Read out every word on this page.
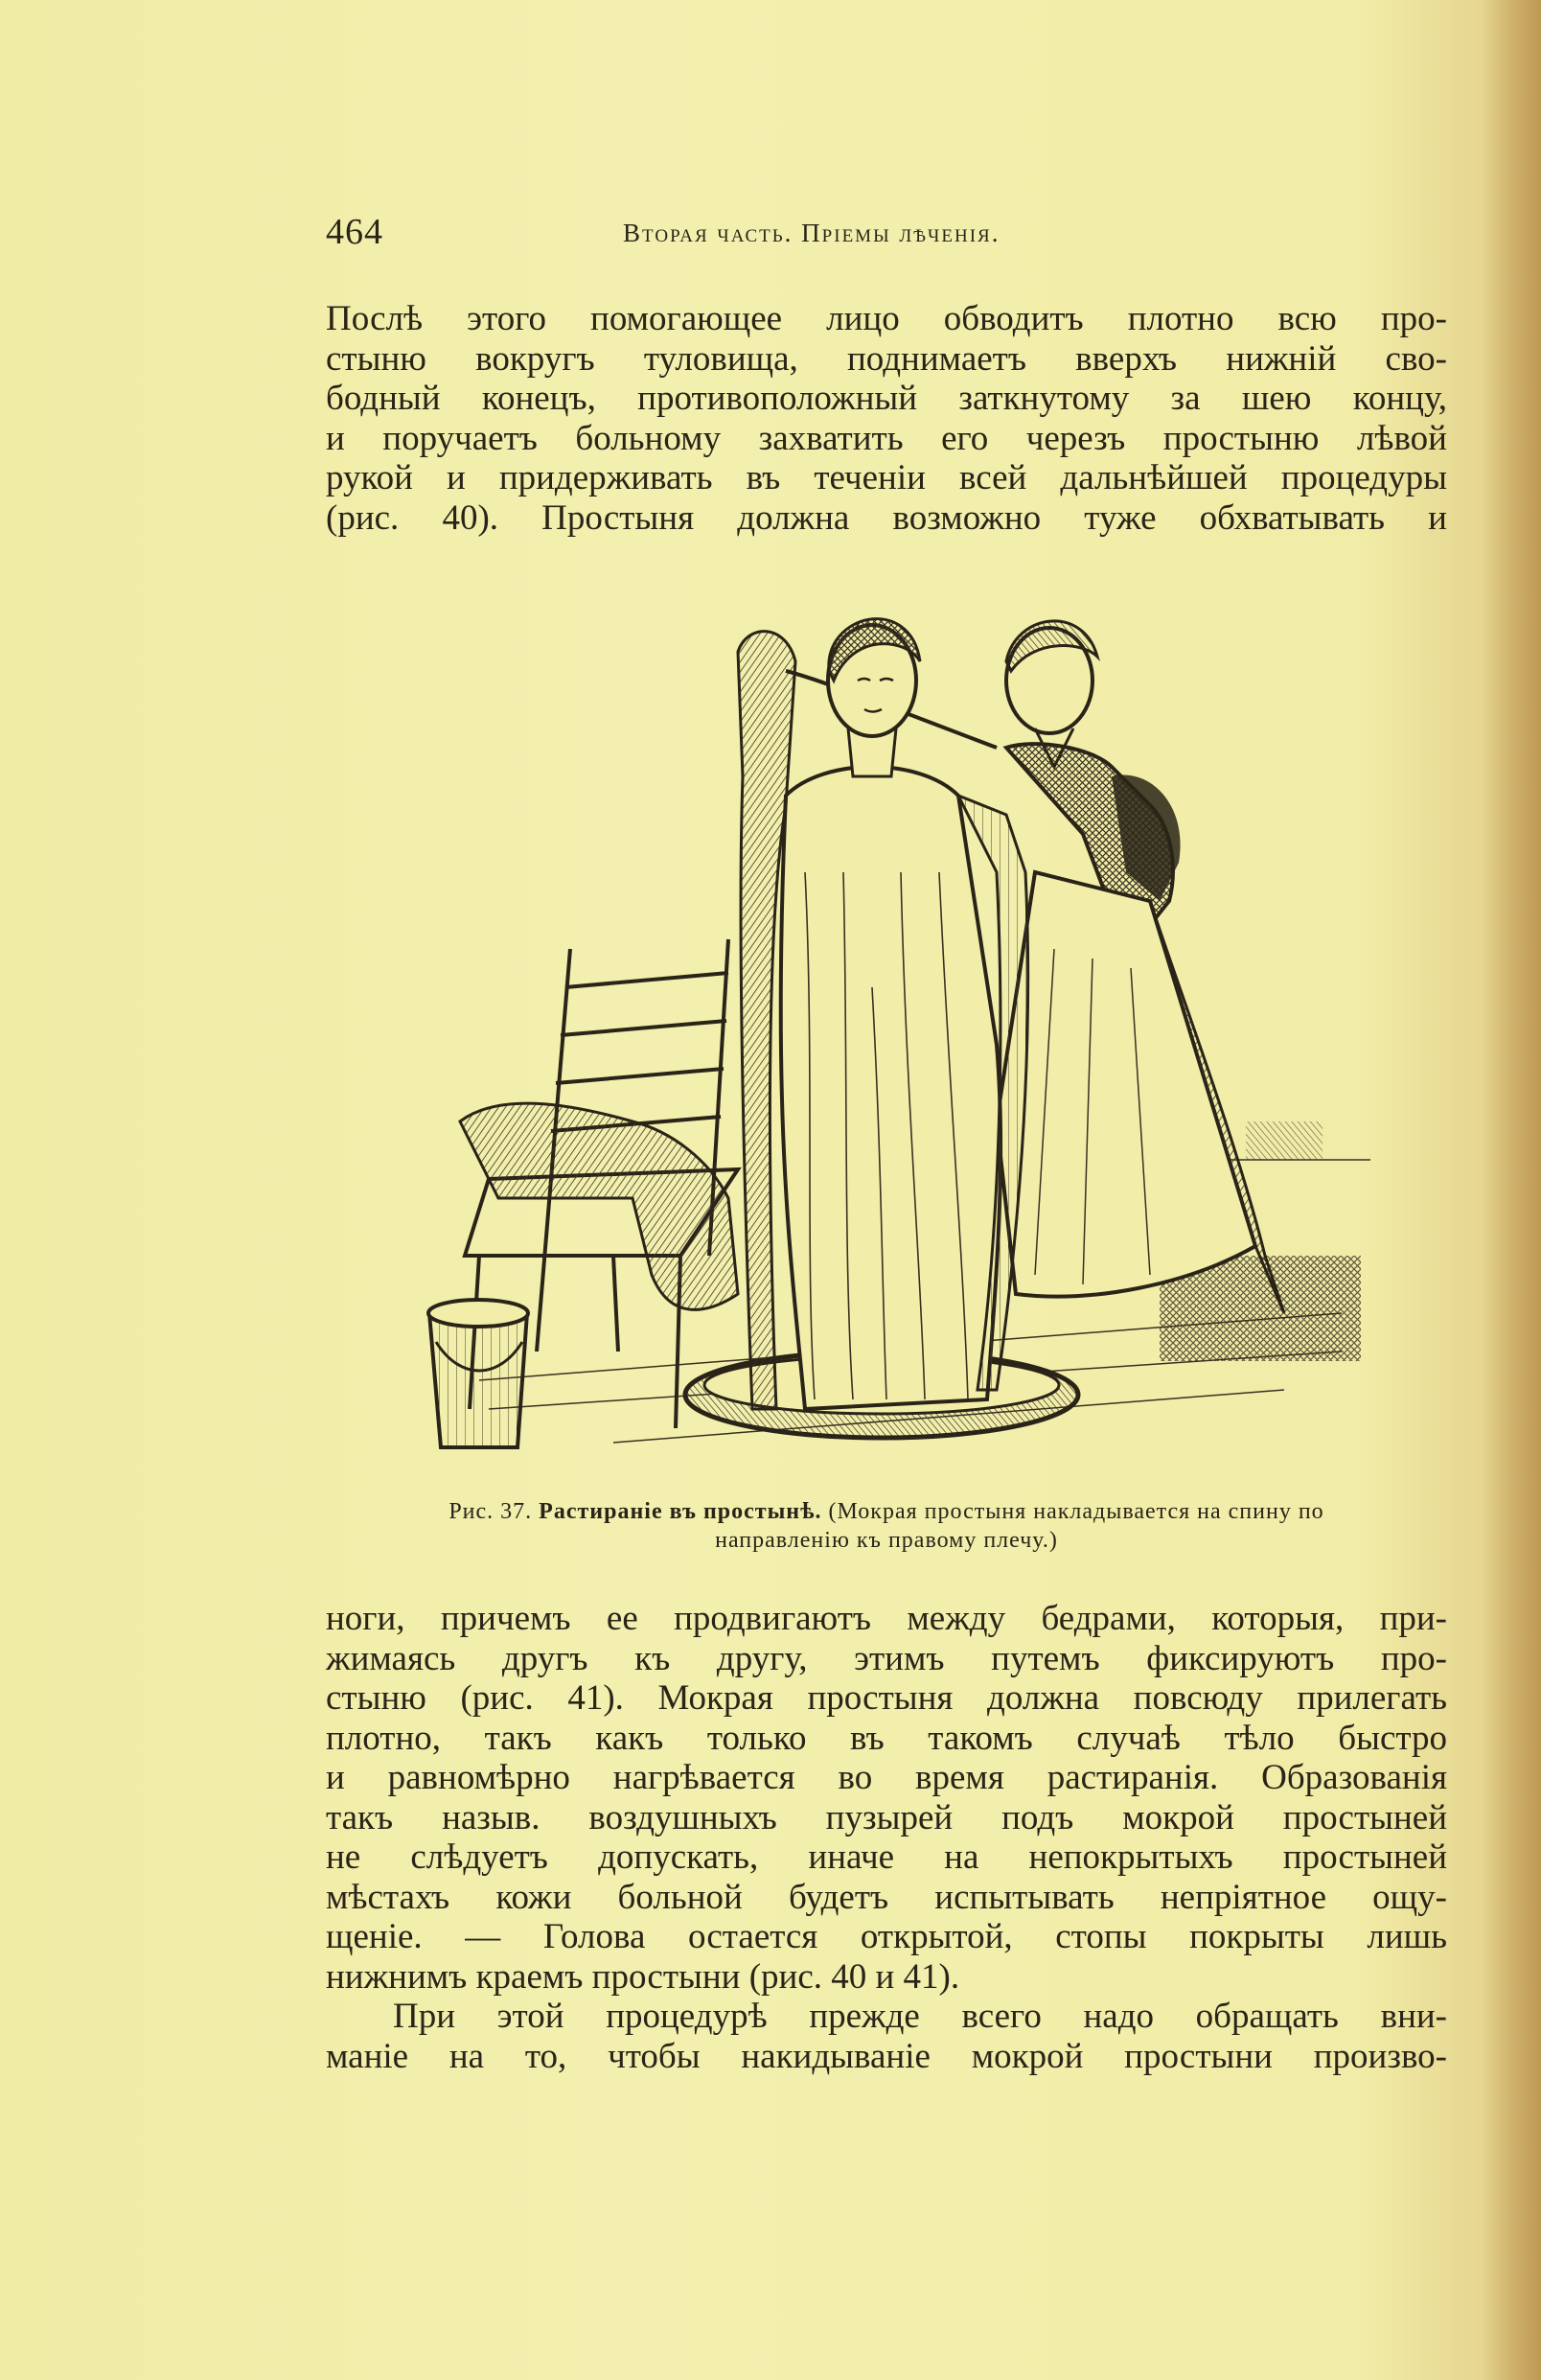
464	Вторая часть. Прiемы лѣченiя.
Послѣ этого помогающее лицо обводитъ плотно всю про-
стыню вокругъ туловища, поднимаетъ вверхъ нижнiй сво-
бодный конецъ, противоположный заткнутому за шею концу,
и поручаетъ больному захватить его черезъ простыню лѣвой
рукой и придерживать въ теченiи всей дальнѣйшей процедуры
(рис. 40). Простыня должна возможно туже обхватывать и
Рис. 37. Растиранiе въ простынѣ. (Мокрая простыня накладывается на спину по
направленiю къ правому плечу.)
ноги, причемъ ее продвигаютъ между бедрами, которыя, при-
жимаясь другъ къ другу, этимъ путемъ фиксируютъ про-
стыню (рис. 41). Мокрая простыня должна повсюду прилегать
плотно, такъ какъ только въ такомъ случаѣ тѣло быстро
и равномѣрно нагрѣвается во время растиранiя. Образованiя
такъ назыв. воздушныхъ пузырей подъ мокрой простыней
не слѣдуетъ допускать, иначе на непокрытыхъ простыней
мѣстахъ кожи больной будетъ испытывать непрiятное ощу-
щенiе. — Голова остается открытой, стопы покрыты лишь
нижнимъ краемъ простыни (рис. 40 и 41).
При этой процедурѣ прежде всего надо обращать вни-
манiе на то, чтобы накидыванiе мокрой простыни произво-
